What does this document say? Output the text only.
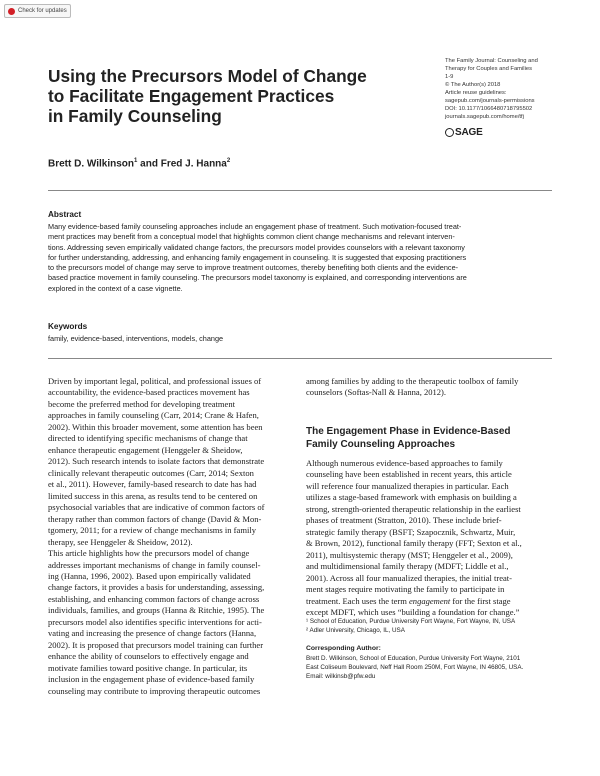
Check for updates
Using the Precursors Model of Change
to Facilitate Engagement Practices
in Family Counseling
The Family Journal: Counseling and
Therapy for Couples and Families
1-9
© The Author(s) 2018
Article reuse guidelines:
sagepub.com/journals-permissions
DOI: 10.1177/1066480718795502
journals.sagepub.com/home/tfj
SAGE
Brett D. Wilkinson$^1$ and Fred J. Hanna$^2$
Abstract
Many evidence-based family counseling approaches include an engagement phase of treatment. Such motivation-focused treat-
ment practices may benefit from a conceptual model that highlights common client change mechanisms and relevant interven-
tions. Addressing seven empirically validated change factors, the precursors model provides counselors with a relevant taxonomy
for further understanding, addressing, and enhancing family engagement in counseling. It is suggested that exposing practitioners
to the precursors model of change may serve to improve treatment outcomes, thereby benefiting both clients and the evidence-
based practice movement in family counseling. The precursors model taxonomy is explained, and corresponding interventions are
explored in the context of a case vignette.
Keywords
family, evidence-based, interventions, models, change
Driven by important legal, political, and professional issues of
accountability, the evidence-based practices movement has
become the preferred method for developing treatment
approaches in family counseling (Carr, 2014; Crane & Hafen,
2002). Within this broader movement, some attention has been
directed to identifying specific mechanisms of change that
enhance therapeutic engagement (Henggeler & Sheidow,
2012). Such research intends to isolate factors that demonstrate
clinically relevant therapeutic outcomes (Carr, 2014; Sexton
et al., 2011). However, family-based research to date has had
limited success in this arena, as results tend to be centered on
psychosocial variables that are indicative of common factors of
therapy rather than common factors of change (David & Mon-
tgomery, 2011; for a review of change mechanisms in family
therapy, see Henggeler & Sheidow, 2012).
This article highlights how the precursors model of change
addresses important mechanisms of change in family counsel-
ing (Hanna, 1996, 2002). Based upon empirically validated
change factors, it provides a basis for understanding, assessing,
establishing, and enhancing common factors of change across
individuals, families, and groups (Hanna & Ritchie, 1995). The
precursors model also identifies specific interventions for acti-
vating and increasing the presence of change factors (Hanna,
2002). It is proposed that precursors model training can further
enhance the ability of counselors to effectively engage and
motivate families toward positive change. In particular, its
inclusion in the engagement phase of evidence-based family
counseling may contribute to improving therapeutic outcomes
among families by adding to the therapeutic toolbox of family
counselors (Softas-Nall & Hanna, 2012).
The Engagement Phase in Evidence-Based
Family Counseling Approaches
Although numerous evidence-based approaches to family
counseling have been established in recent years, this article
will reference four manualized therapies in particular. Each
utilizes a stage-based framework with emphasis on building a
strong, strength-oriented therapeutic relationship in the earliest
phases of treatment (Stratton, 2010). These include brief-
strategic family therapy (BSFT; Szapocznik, Schwartz, Muir,
& Brown, 2012), functional family therapy (FFT; Sexton et al.,
2011), multisystemic therapy (MST; Henggeler et al., 2009),
and multidimensional family therapy (MDFT; Liddle et al.,
2001). Across all four manualized therapies, the initial treat-
ment stages require motivating the family to participate in
treatment. Each uses the term engagement for the first stage
except MDFT, which uses “building a foundation for change.”
¹ School of Education, Purdue University Fort Wayne, Fort Wayne, IN, USA
² Adler University, Chicago, IL, USA
Corresponding Author:
Brett D. Wilkinson, School of Education, Purdue University Fort Wayne, 2101
East Coliseum Boulevard, Neff Hall Room 250M, Fort Wayne, IN 46805, USA.
Email: wilkinsb@pfw.edu
